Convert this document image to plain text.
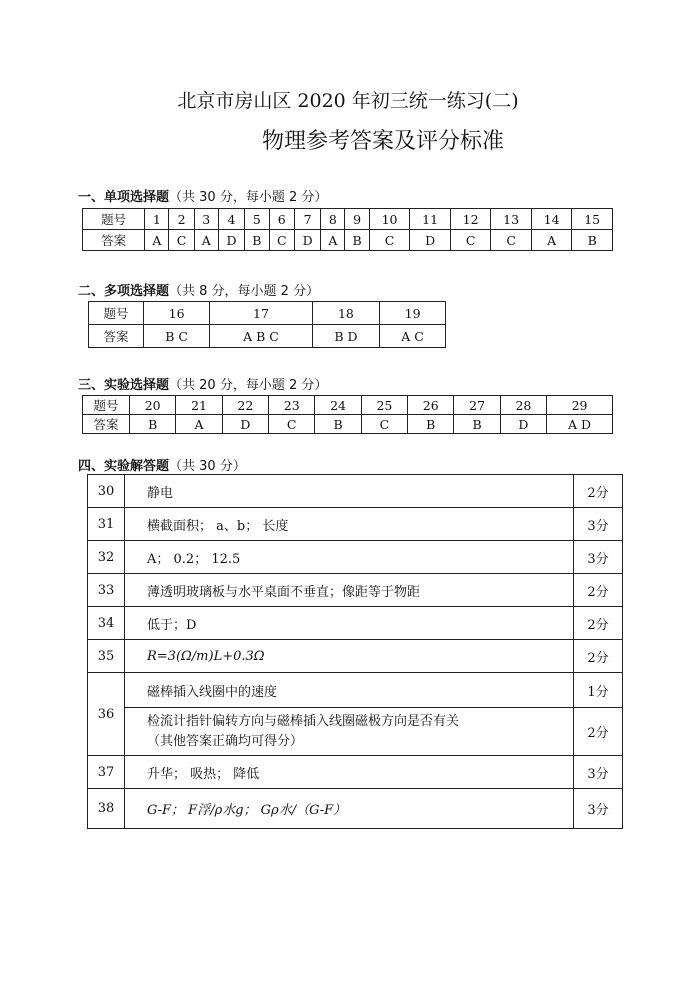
北京市房山区 2020 年初三统一练习(二)
物理参考答案及评分标准
一、单项选择题（共 30 分，每小题 2 分）
题号	1	2	3	4	5	6	7	8	9	10	11	12	13	14	15
答案	A	C	A	D	B	C	D	A	B	C	D	C	C	A	B
二、多项选择题（共 8 分，每小题 2 分）
题号	16	17	18	19
答案	B C	A B C	B D	A C
三、实验选择题（共 20 分，每小题 2 分）
题号	20	21	22	23	24	25	26	27	28	29
答案	B	A	D	C	B	C	B	B	D	A D
四、实验解答题（共 30 分）
30	静电	2分
31	横截面积； a、b； 长度	3分
32	A； 0.2； 12.5	3分
33	薄透明玻璃板与水平桌面不垂直；像距等于物距	2分
34	低于；D	2分
35	R=3(Ω/m)L+0.3Ω	2分
36	磁棒插入线圈中的速度	1分

	检流计指针偏转方向与磁棒插入线圈磁极方向是否有关
（其他答案正确均可得分）	2分
37	升华； 吸热； 降低	3分
38	G-F； F浮/ρ水g； Gρ水/（G-F）	3分
